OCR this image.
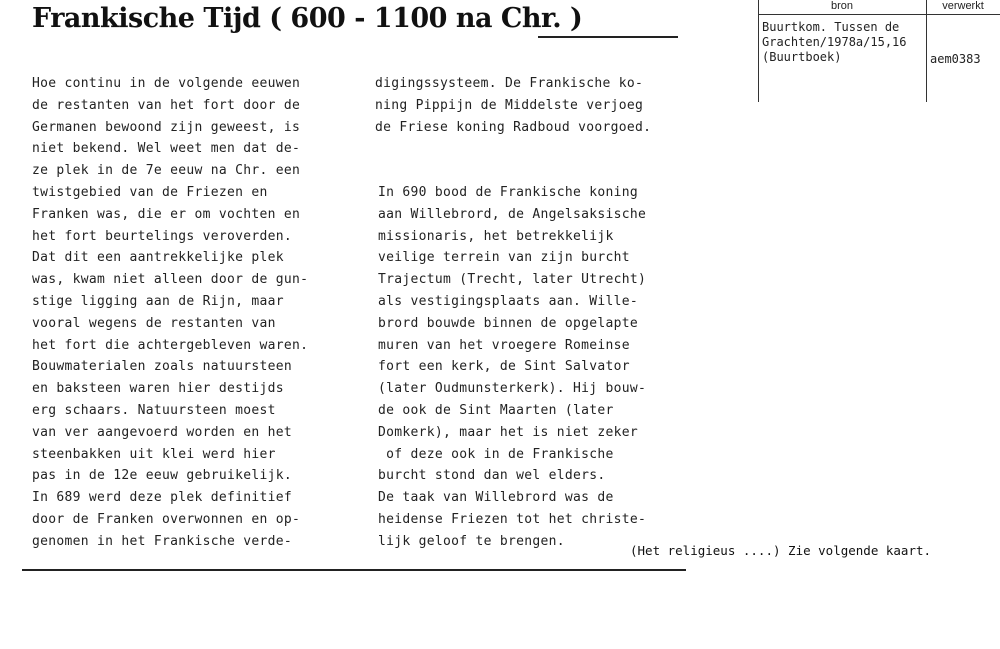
Frankische Tijd ( 600 - 1100 na Chr. )	bron	verwerkt

Buurtkom. Tussen de

Grachten/1978a/15,16

(Buurtboek)	aem0383

Hoe continu in de volgende eeuwen

de restanten van het fort door de

Germanen bewoond zijn geweest, is

niet bekend. Wel weet men dat de-

ze plek in de 7e eeuw na Chr. een

twistgebied van de Friezen en

Franken was, die er om vochten en

het fort beurtelings veroverden.

Dat dit een aantrekkelijke plek

was, kwam niet alleen door de gun-

stige ligging aan de Rijn, maar

vooral wegens de restanten van

het fort die achtergebleven waren.

Bouwmaterialen zoals natuursteen

en baksteen waren hier destijds

erg schaars. Natuursteen moest

van ver aangevoerd worden en het

steenbakken uit klei werd hier

pas in de 12e eeuw gebruikelijk.

In 689 werd deze plek definitief

door de Franken overwonnen en op-

genomen in het Frankische verde-

digingssysteem. De Frankische ko-

ning Pippijn de Middelste verjoeg

de Friese koning Radboud voorgoed.

In 690 bood de Frankische koning

aan Willebrord, de Angelsaksische

missionaris, het betrekkelijk

veilige terrein van zijn burcht

Trajectum (Trecht, later Utrecht)

als vestigingsplaats aan. Wille-

brord bouwde binnen de opgelapte

muren van het vroegere Romeinse

fort een kerk, de Sint Salvator

(later Oudmunsterkerk). Hij bouw-

de ook de Sint Maarten (later

Domkerk), maar het is niet zeker

of deze ook in de Frankische

burcht stond dan wel elders.

De taak van Willebrord was de

heidense Friezen tot het christe-

lijk geloof te brengen.

(Het religieus ....) Zie volgende kaart.
